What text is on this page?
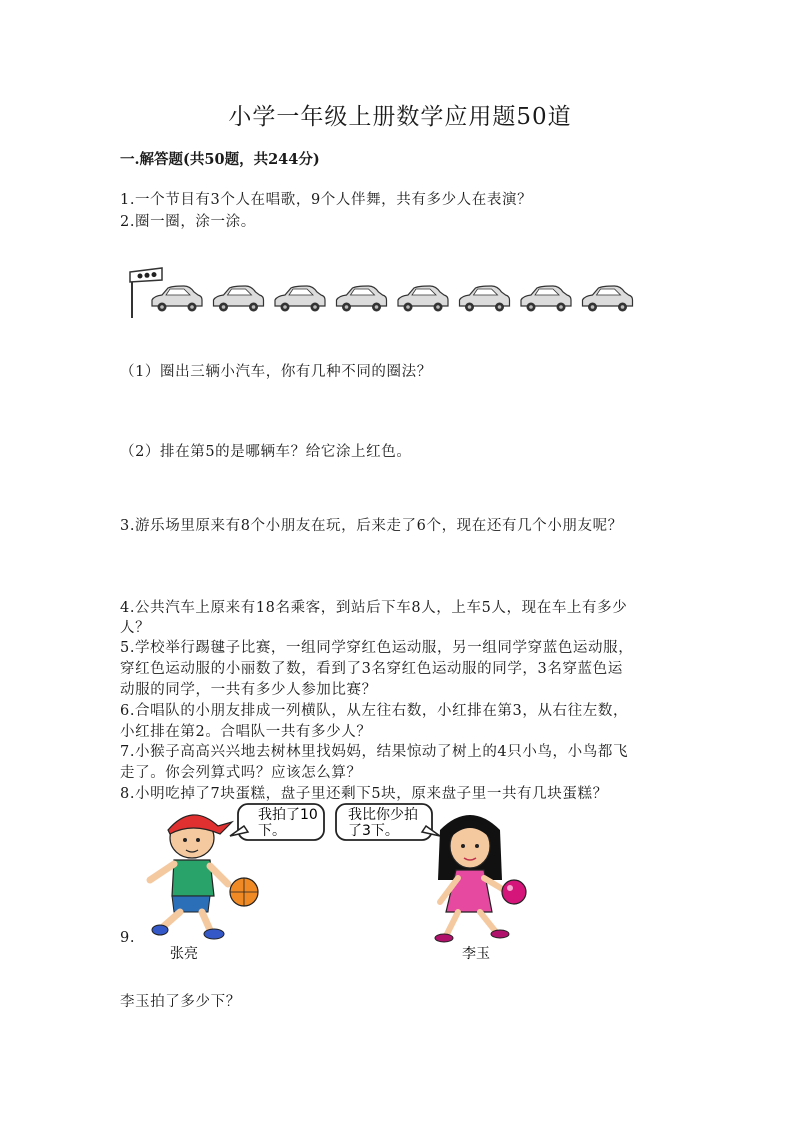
小学一年级上册数学应用题50道
一.解答题(共50题，共244分)
1.一个节目有3个人在唱歌，9个人伴舞，共有多少人在表演？
2.圈一圈，涂一涂。
（1）圈出三辆小汽车，你有几种不同的圈法？
（2）排在第5的是哪辆车？给它涂上红色。
3.游乐场里原来有8个小朋友在玩，后来走了6个，现在还有几个小朋友呢？
4.公共汽车上原来有18名乘客，到站后下车8人，上车5人，现在车上有多少
人？
5.学校举行踢毽子比赛，一组同学穿红色运动服，另一组同学穿蓝色运动服，
穿红色运动服的小丽数了数，看到了3名穿红色运动服的同学，3名穿蓝色运
动服的同学，一共有多少人参加比赛？
6.合唱队的小朋友排成一列横队，从左往右数，小红排在第3，从右往左数，
小红排在第2。合唱队一共有多少人？
7.小猴子高高兴兴地去树林里找妈妈，结果惊动了树上的4只小鸟，小鸟都飞
走了。你会列算式吗？应该怎么算？
8.小明吃掉了7块蛋糕，盘子里还剩下5块，原来盘子里一共有几块蛋糕？
我拍了10
下。
我比你少拍
了3下。
张亮	李玉
9.
李玉拍了多少下？
